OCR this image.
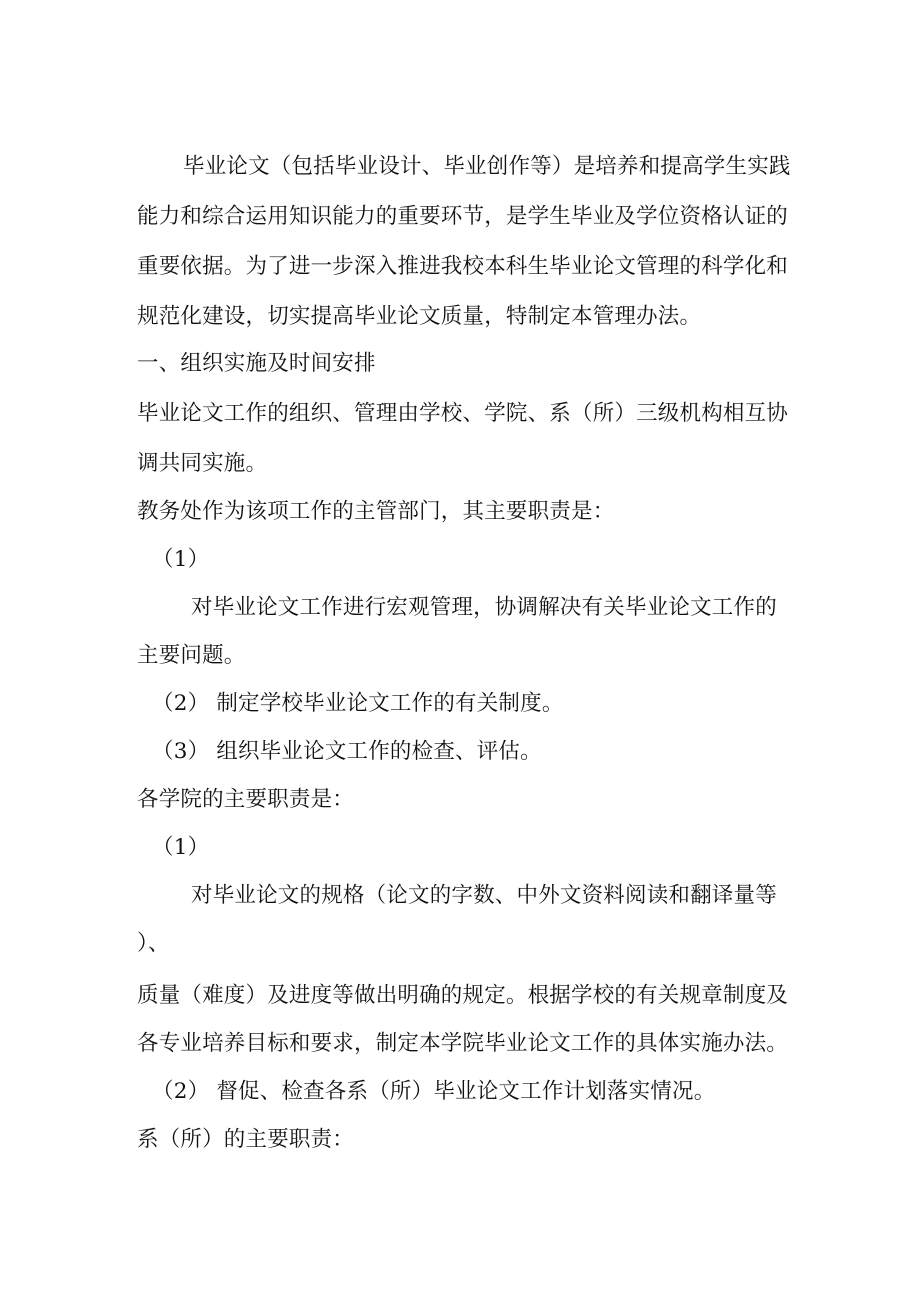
毕业论文（包括毕业设计、毕业创作等）是培养和提高学生实践
能力和综合运用知识能力的重要环节，是学生毕业及学位资格认证的
重要依据。为了进一步深入推进我校本科生毕业论文管理的科学化和
规范化建设，切实提高毕业论文质量，特制定本管理办法。
一、组织实施及时间安排
毕业论文工作的组织、管理由学校、学院、系（所）三级机构相互协
调共同实施。
教务处作为该项工作的主管部门，其主要职责是：
（1）
对毕业论文工作进行宏观管理，协调解决有关毕业论文工作的
主要问题。
（2） 制定学校毕业论文工作的有关制度。
（3） 组织毕业论文工作的检查、评估。
各学院的主要职责是：
（1）
对毕业论文的规格（论文的字数、中外文资料阅读和翻译量等
）、
质量（难度）及进度等做出明确的规定。根据学校的有关规章制度及
各专业培养目标和要求，制定本学院毕业论文工作的具体实施办法。
（2） 督促、检查各系（所）毕业论文工作计划落实情况。
系（所）的主要职责：
